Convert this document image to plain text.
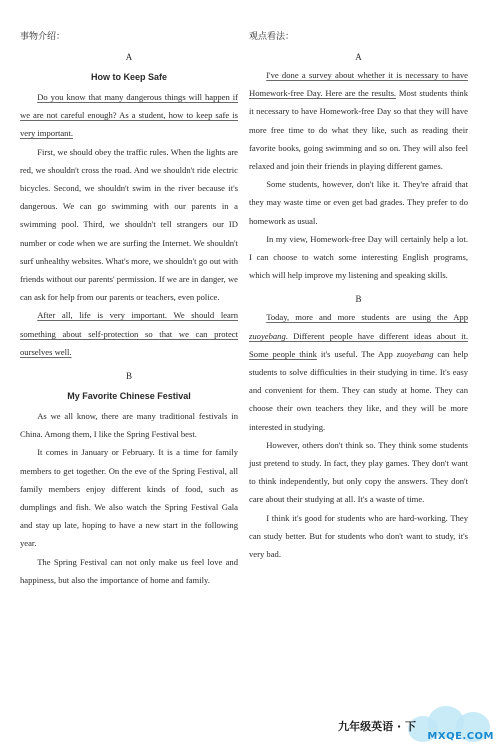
事物介绍：
A
How to Keep Safe

Do you know that many dangerous things will happen if we are not careful enough? As a student, how to keep safe is very important.

First, we should obey the traffic rules. When the lights are red, we shouldn't cross the road. And we shouldn't ride electric bicycles. Second, we shouldn't swim in the river because it's dangerous. We can go swimming with our parents in a swimming pool. Third, we shouldn't tell strangers our ID number or code when we are surfing the Internet. We shouldn't surf unhealthy websites. What's more, we shouldn't go out with friends without our parents' permission. If we are in danger, we can ask for help from our parents or teachers, even police.

After all, life is very important. We should learn something about self-protection so that we can protect ourselves well.

B
My Favorite Chinese Festival

As we all know, there are many traditional festivals in China. Among them, I like the Spring Festival best.

It comes in January or February. It is a time for family members to get together. On the eve of the Spring Festival, all family members enjoy different kinds of food, such as dumplings and fish. We also watch the Spring Festival Gala and stay up late, hoping to have a new start in the following year.

The Spring Festival can not only make us feel love and happiness, but also the importance of home and family.

观点看法：
A

I've done a survey about whether it is necessary to have Homework-free Day. Here are the results. Most students think it necessary to have Homework-free Day so that they will have more free time to do what they like, such as reading their favorite books, going swimming and so on. They will also feel relaxed and join their friends in playing different games.

Some students, however, don't like it. They're afraid that they may waste time or even get bad grades. They prefer to do homework as usual.

In my view, Homework-free Day will certainly help a lot. I can choose to watch some interesting English programs, which will help improve my listening and speaking skills.

B

Today, more and more students are using the App zuoyebang. Different people have different ideas about it. Some people think it's useful. The App zuoyebang can help students to solve difficulties in their studying in time. It's easy and convenient for them. They can study at home. They can choose their own teachers they like, and they will be more interested in studying.

However, others don't think so. They think some students just pretend to study. In fact, they play games. They don't want to think independently, but only copy the answers. They don't care about their studying at all. It's a waste of time.

I think it's good for students who are hard-working. They can study better. But for students who don't want to study, it's very bad.

MXQE.COM
九年级英语 · 下
